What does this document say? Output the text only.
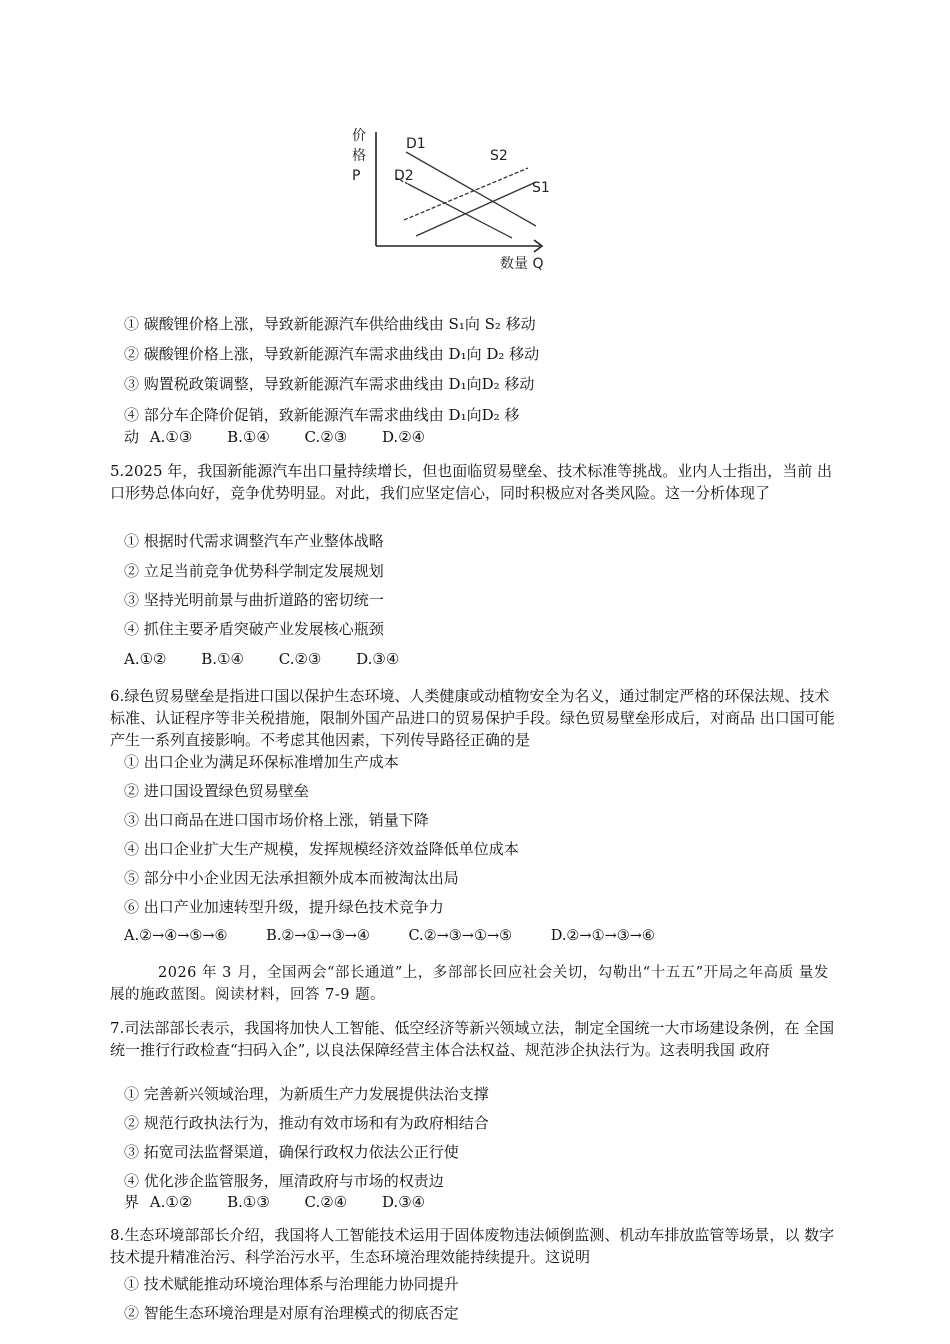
价
格
P
D1
D2
S2
S1
数量 Q
① 碳酸锂价格上涨，导致新能源汽车供给曲线由 S₁向 S₂ 移动
② 碳酸锂价格上涨，导致新能源汽车需求曲线由 D₁向 D₂ 移动
③ 购置税政策调整，导致新能源汽车需求曲线由 D₁向D₂ 移动
④ 部分车企降价促销，致新能源汽车需求曲线由 D₁向D₂ 移
动 A.①③ B.①④ C.②③ D.②④
5.2025 年，我国新能源汽车出口量持续增长，但也面临贸易壁垒、技术标准等挑战。业内人士指出，当前 出口形势总体向好，竞争优势明显。对此，我们应坚定信心，同时积极应对各类风险。这一分析体现了
① 根据时代需求调整汽车产业整体战略
② 立足当前竞争优势科学制定发展规划
③ 坚持光明前景与曲折道路的密切统一
④ 抓住主要矛盾突破产业发展核心瓶颈
A.①② B.①④ C.②③ D.③④
6.绿色贸易壁垒是指进口国以保护生态环境、人类健康或动植物安全为名义，通过制定严格的环保法规、技术标准、认证程序等非关税措施，限制外国产品进口的贸易保护手段。绿色贸易壁垒形成后，对商品 出口国可能产生一系列直接影响。不考虑其他因素，下列传导路径正确的是
① 出口企业为满足环保标准增加生产成本
② 进口国设置绿色贸易壁垒
③ 出口商品在进口国市场价格上涨，销量下降
④ 出口企业扩大生产规模，发挥规模经济效益降低单位成本
⑤ 部分中小企业因无法承担额外成本而被淘汰出局
⑥ 出口产业加速转型升级，提升绿色技术竞争力
A.②→④→⑤→⑥	B.②→①→③→④	C.②→③→①→⑤	D.②→①→③→⑥
2026 年 3 月，全国两会“部长通道”上，多部部长回应社会关切，勾勒出“十五五”开局之年高质 量发展的施政蓝图。阅读材料，回答 7-9 题。
7.司法部部长表示，我国将加快人工智能、低空经济等新兴领域立法，制定全国统一大市场建设条例，在 全国统一推行行政检查“扫码入企”, 以良法保障经营主体合法权益、规范涉企执法行为。这表明我国 政府
① 完善新兴领域治理，为新质生产力发展提供法治支撑
② 规范行政执法行为，推动有效市场和有为政府相结合
③ 拓宽司法监督渠道，确保行政权力依法公正行使
④ 优化涉企监管服务，厘清政府与市场的权责边
界 A.①② B.①③ C.②④ D.③④
8.生态环境部部长介绍，我国将人工智能技术运用于固体废物违法倾倒监测、机动车排放监管等场景，以 数字技术提升精准治污、科学治污水平，生态环境治理效能持续提升。这说明
① 技术赋能推动环境治理体系与治理能力协同提升
② 智能生态环境治理是对原有治理模式的彻底否定
